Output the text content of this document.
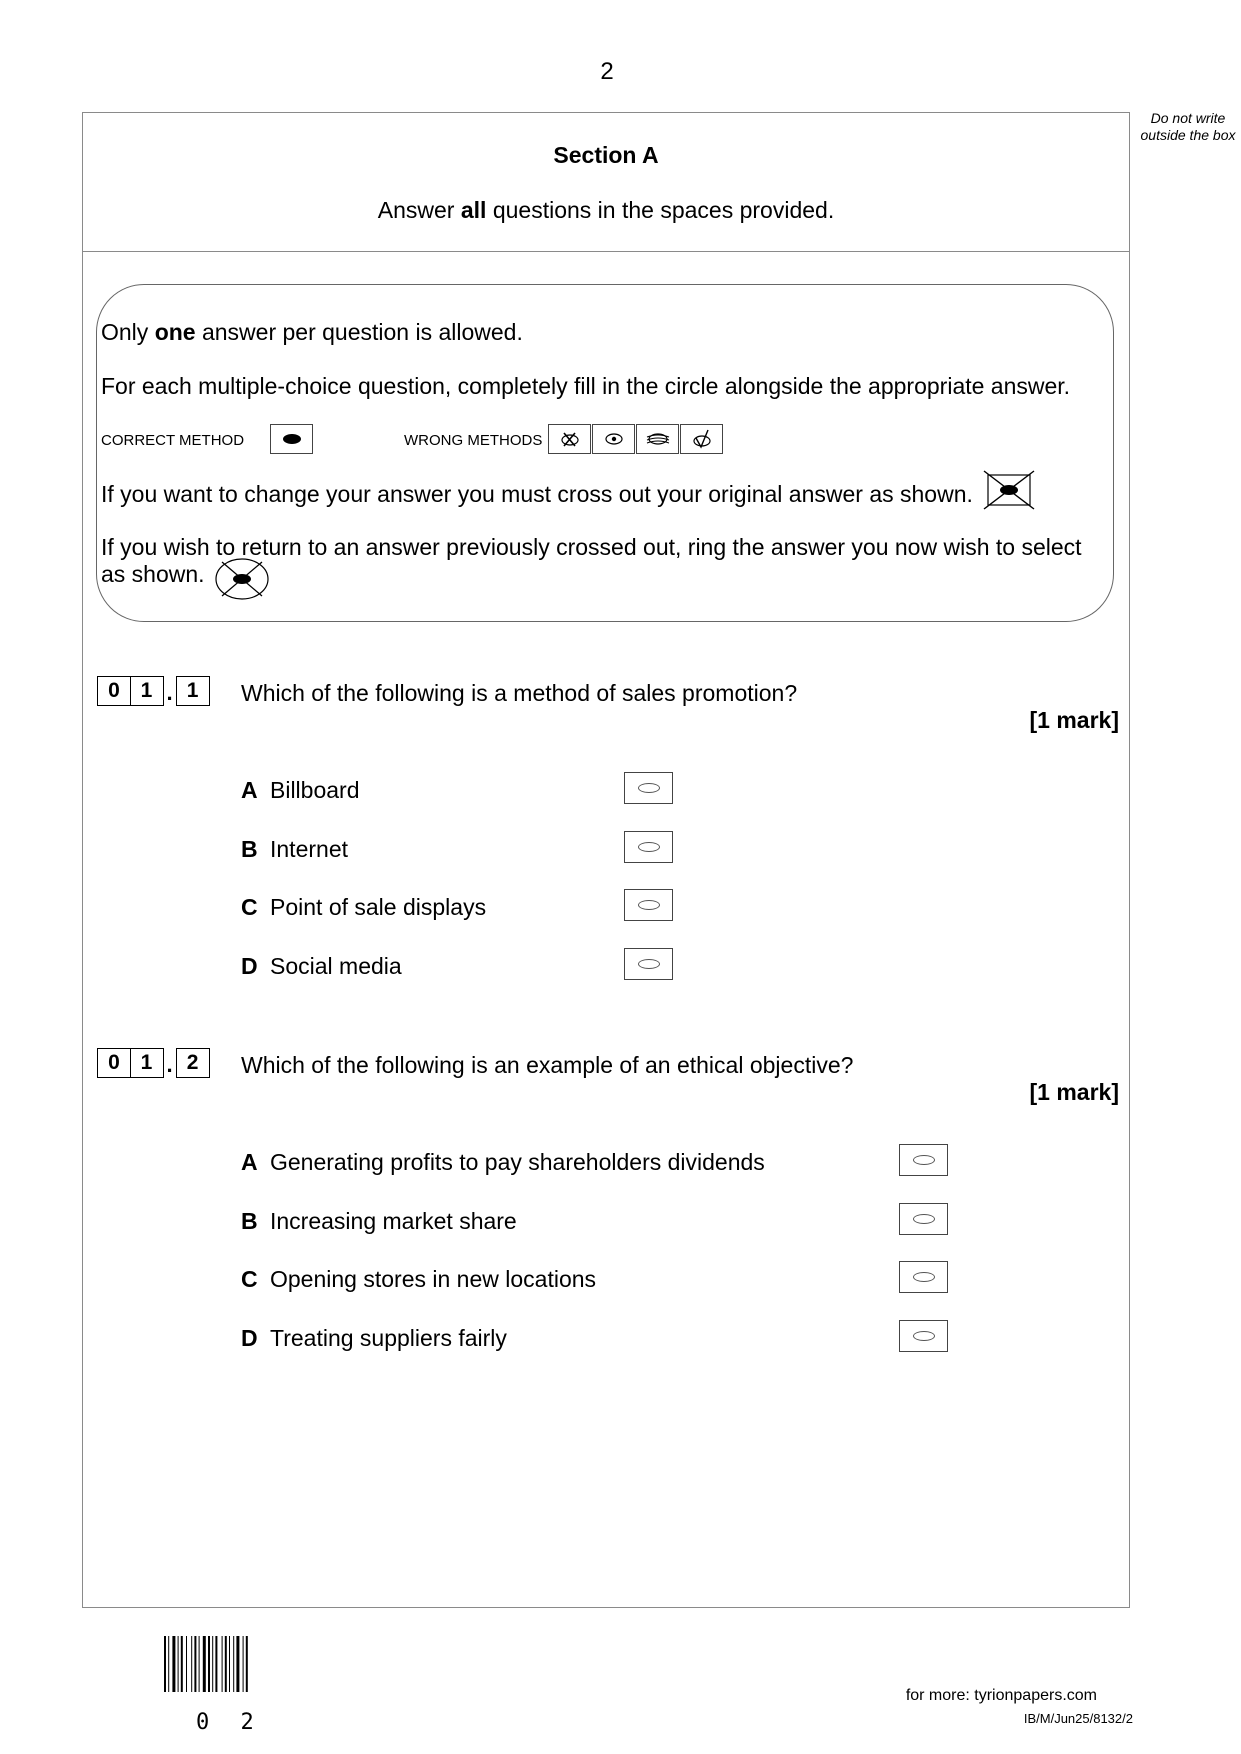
2
Do not write outside the box
Section A
Answer all questions in the spaces provided.
Only one answer per question is allowed.
For each multiple-choice question, completely fill in the circle alongside the appropriate answer.
CORRECT METHOD	WRONG METHODS
If you want to change your answer you must cross out your original answer as shown.
If you wish to return to an answer previously crossed out, ring the answer you now wish to select
as shown.
0 1 . 1	Which of the following is a method of sales promotion?
[1 mark]
A Billboard
B Internet
C Point of sale displays
D Social media
0 1 . 2	Which of the following is an example of an ethical objective?
[1 mark]
A Generating profits to pay shareholders dividends
B Increasing market share
C Opening stores in new locations
D Treating suppliers fairly
0 2
for more: tyrionpapers.com
IB/M/Jun25/8132/2
